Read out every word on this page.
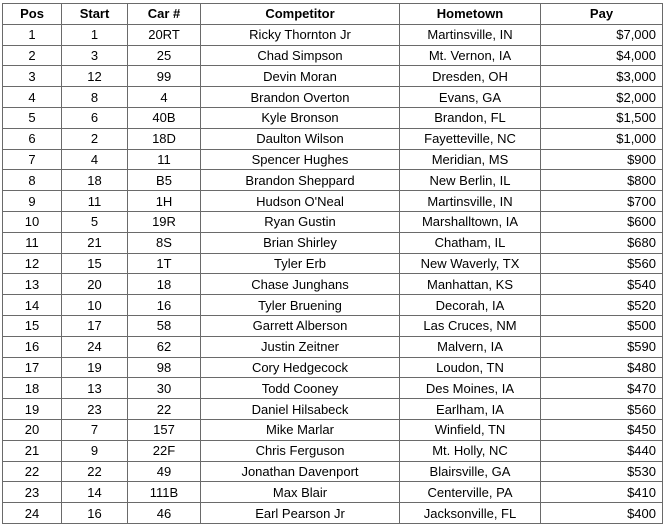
Pos	Start	Car #	Competitor	Hometown	Pay
1	1	20RT	Ricky Thornton Jr	Martinsville, IN	$7,000
2	3	25	Chad Simpson	Mt. Vernon, IA	$4,000
3	12	99	Devin Moran	Dresden, OH	$3,000
4	8	4	Brandon Overton	Evans, GA	$2,000
5	6	40B	Kyle Bronson	Brandon, FL	$1,500
6	2	18D	Daulton Wilson	Fayetteville, NC	$1,000
7	4	11	Spencer Hughes	Meridian, MS	$900
8	18	B5	Brandon Sheppard	New Berlin, IL	$800
9	11	1H	Hudson O'Neal	Martinsville, IN	$700
10	5	19R	Ryan Gustin	Marshalltown, IA	$600
11	21	8S	Brian Shirley	Chatham, IL	$680
12	15	1T	Tyler Erb	New Waverly, TX	$560
13	20	18	Chase Junghans	Manhattan, KS	$540
14	10	16	Tyler Bruening	Decorah, IA	$520
15	17	58	Garrett Alberson	Las Cruces, NM	$500
16	24	62	Justin Zeitner	Malvern, IA	$590
17	19	98	Cory Hedgecock	Loudon, TN	$480
18	13	30	Todd Cooney	Des Moines, IA	$470
19	23	22	Daniel Hilsabeck	Earlham, IA	$560
20	7	157	Mike Marlar	Winfield, TN	$450
21	9	22F	Chris Ferguson	Mt. Holly, NC	$440
22	22	49	Jonathan Davenport	Blairsville, GA	$530
23	14	111B	Max Blair	Centerville, PA	$410
24	16	46	Earl Pearson Jr	Jacksonville, FL	$400
